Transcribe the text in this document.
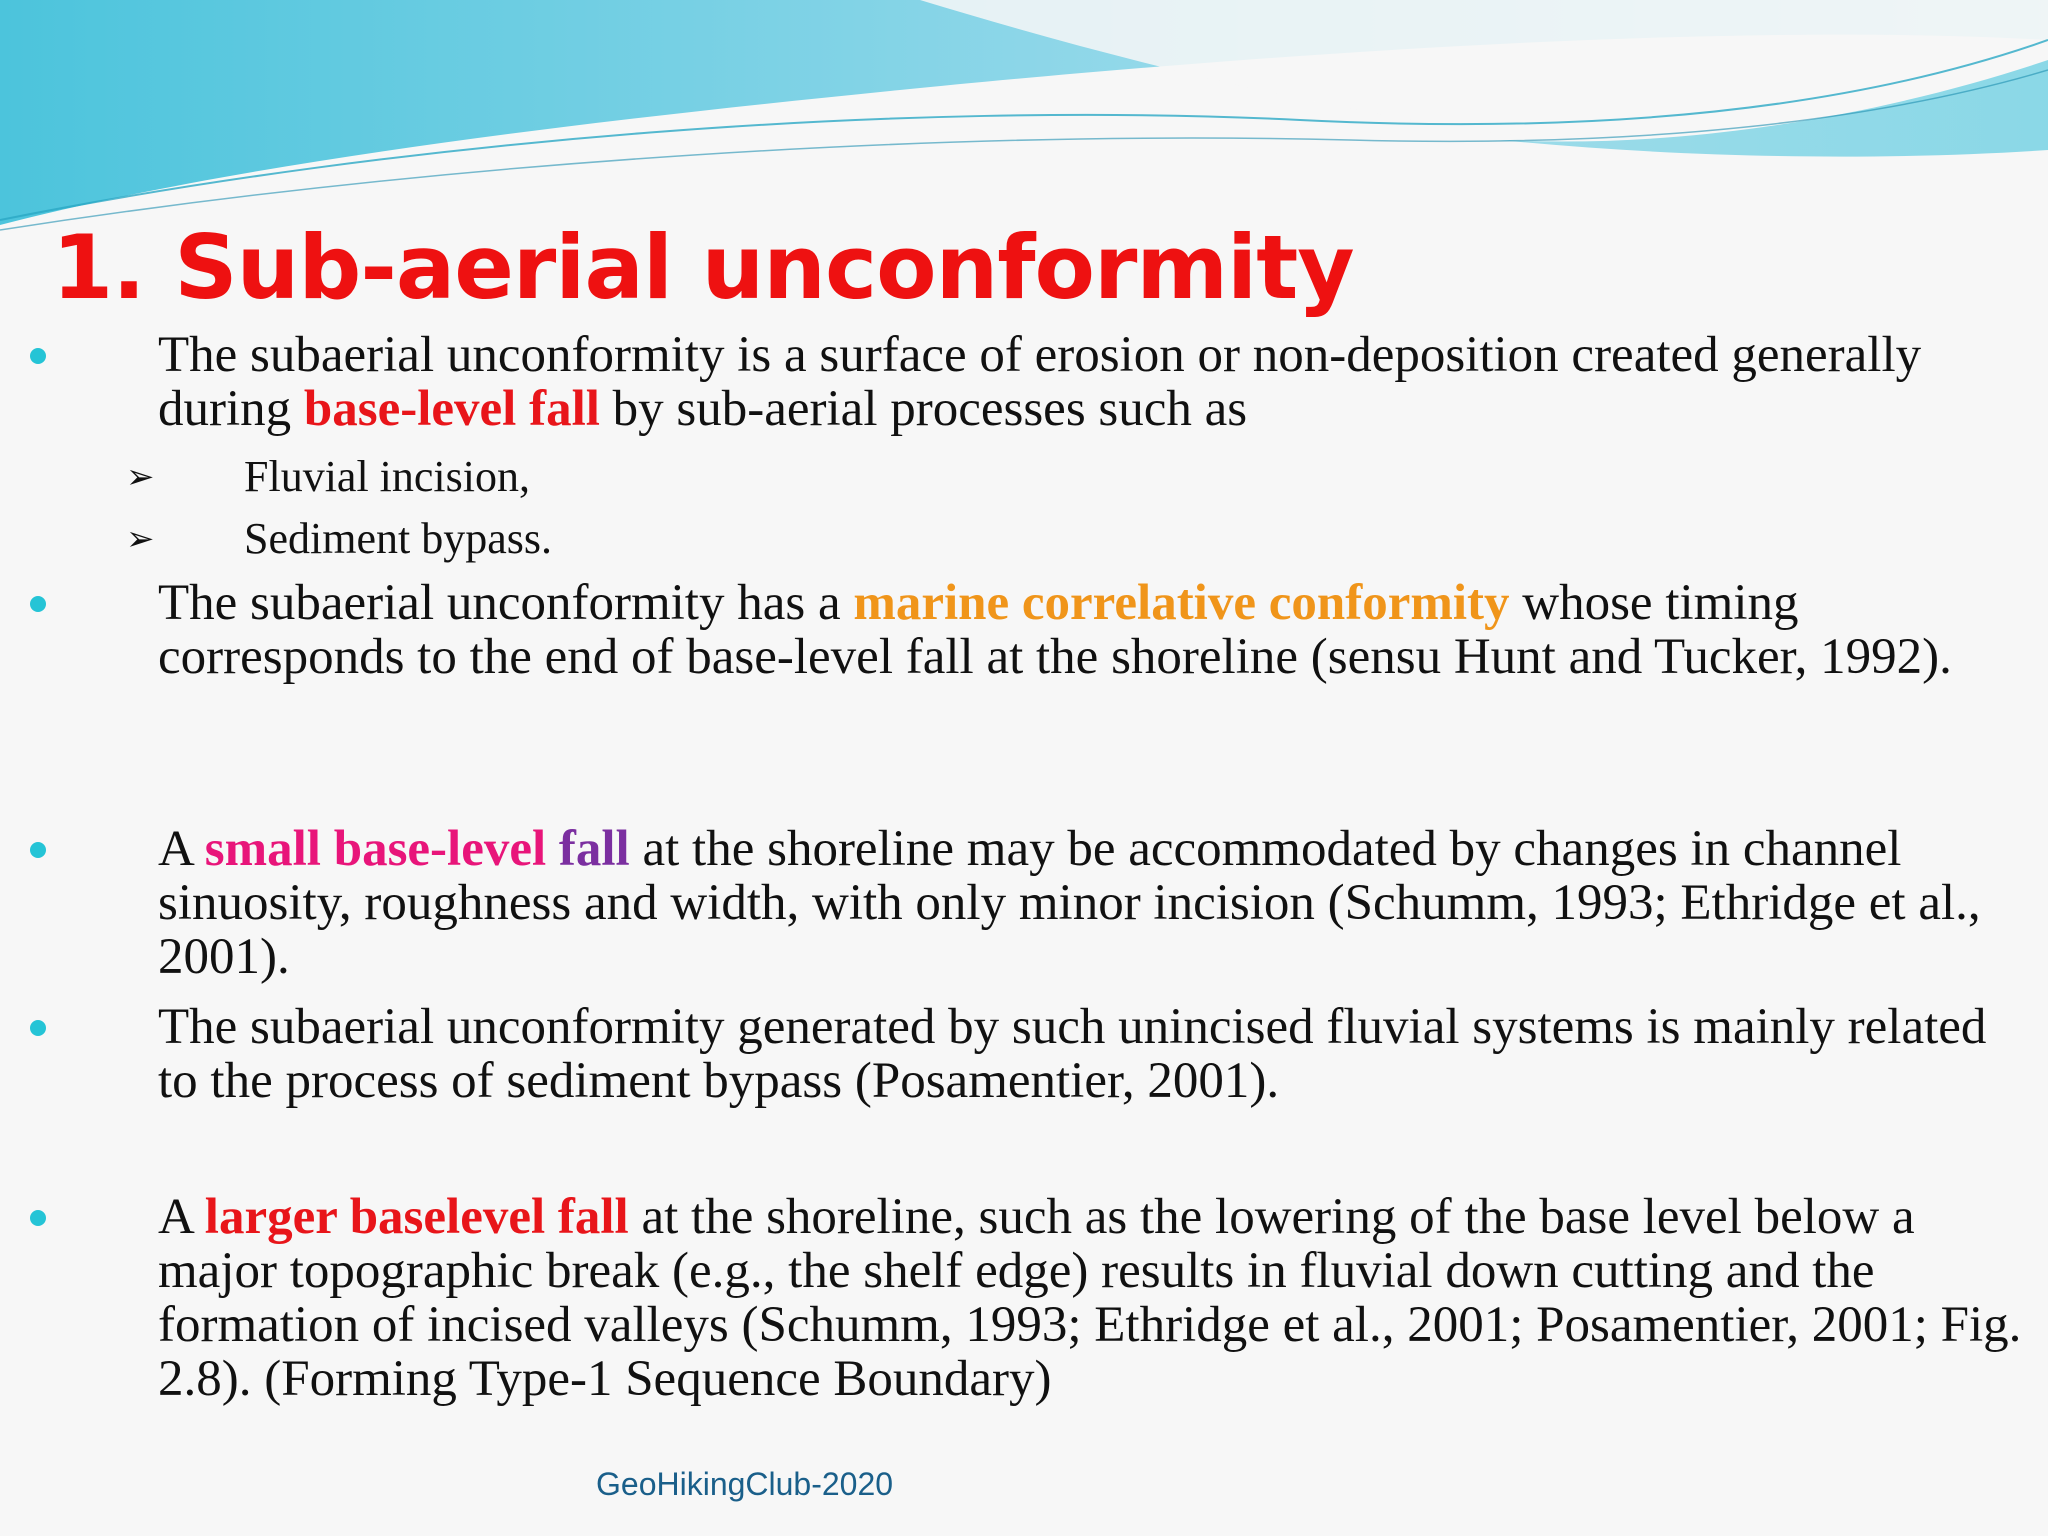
1. Sub-aerial unconformity
The subaerial unconformity is a surface of erosion or non-deposition created generally during base-level fall by sub-aerial processes such as
➢ Fluvial incision,
➢ Sediment bypass.
The subaerial unconformity has a marine correlative conformity whose timing corresponds to the end of base-level fall at the shoreline (sensu Hunt and Tucker, 1992).
A small base-level fall at the shoreline may be accommodated by changes in channel sinuosity, roughness and width, with only minor incision (Schumm, 1993; Ethridge et al., 2001).
The subaerial unconformity generated by such unincised fluvial systems is mainly related to the process of sediment bypass (Posamentier, 2001).
A larger baselevel fall at the shoreline, such as the lowering of the base level below a major topographic break (e.g., the shelf edge) results in fluvial down cutting and the formation of incised valleys (Schumm, 1993; Ethridge et al., 2001; Posamentier, 2001; Fig. 2.8). (Forming Type-1 Sequence Boundary)
GeoHikingClub-2020
